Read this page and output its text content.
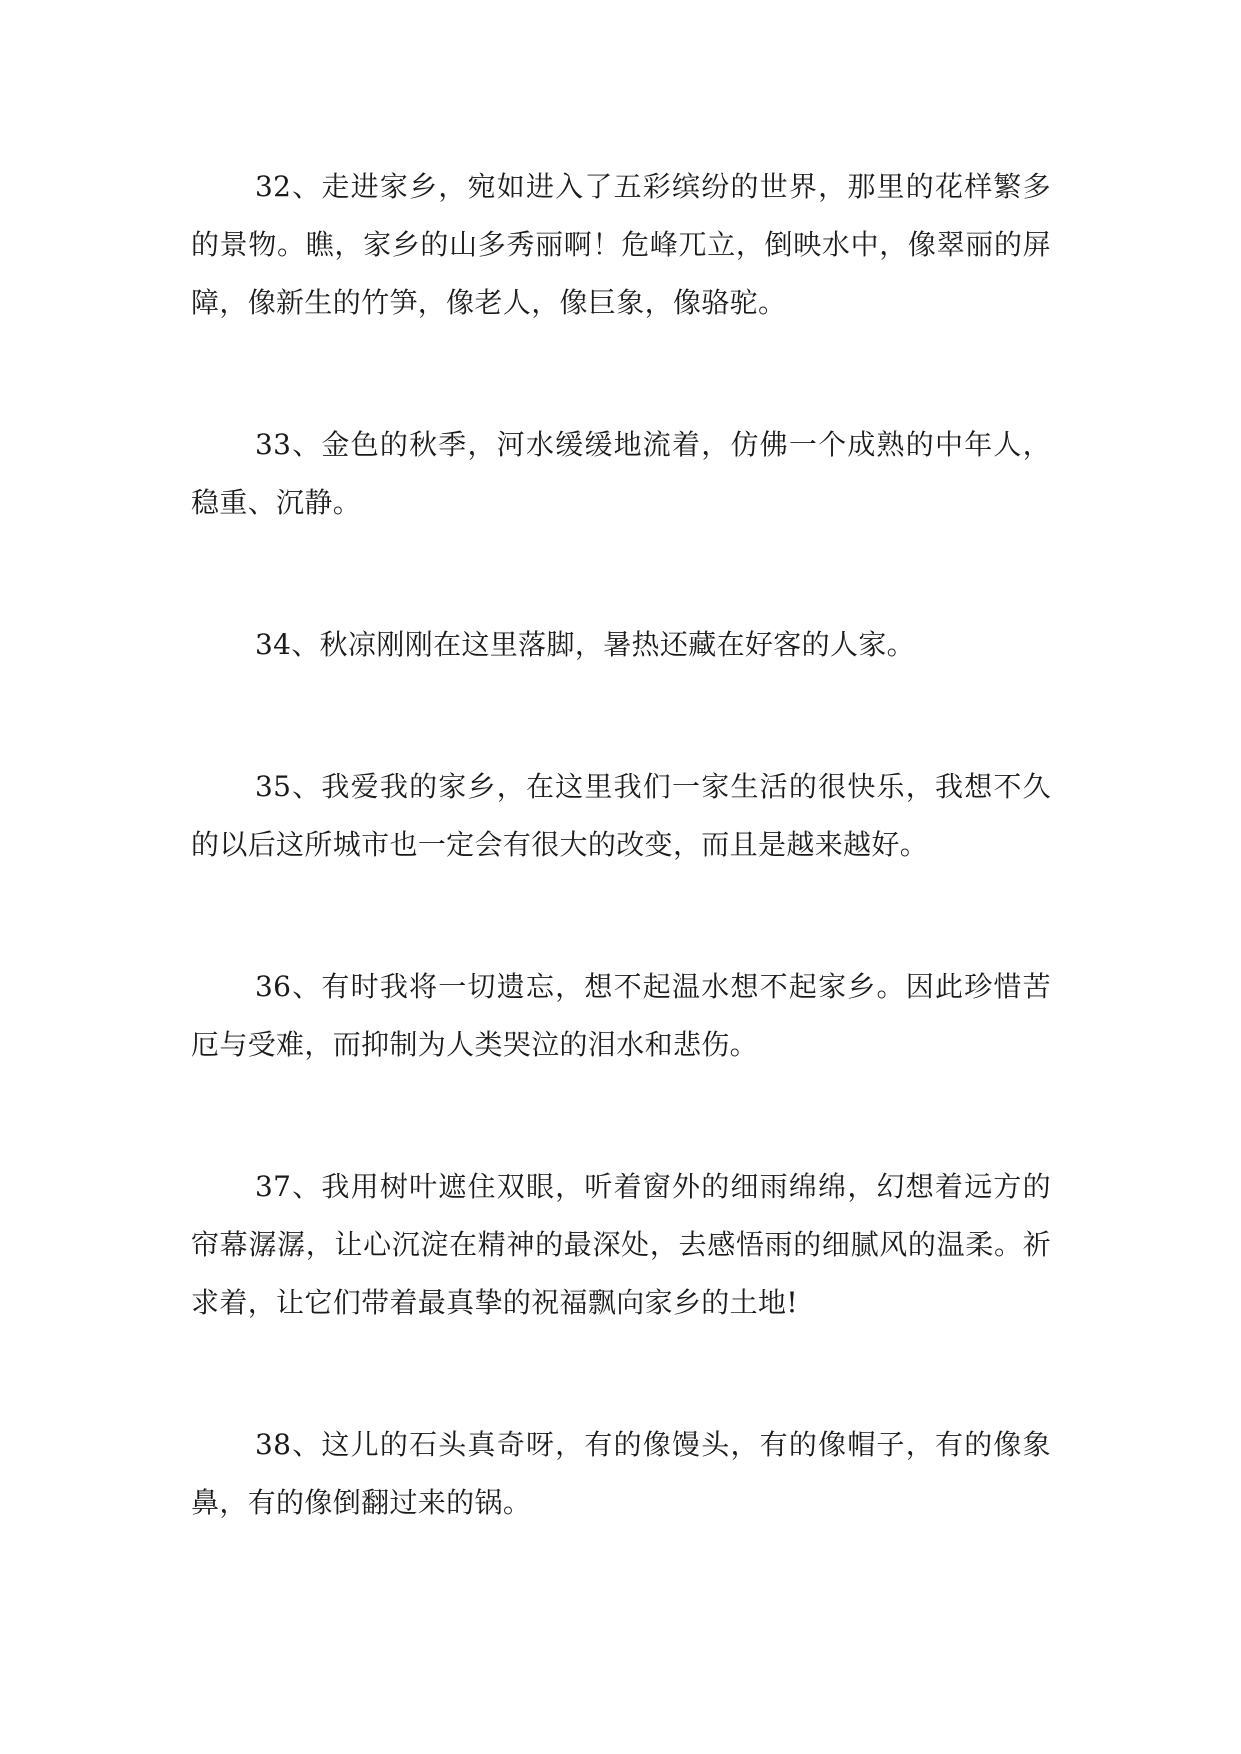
32、走进家乡，宛如进入了五彩缤纷的世界，那里的花样繁多的景物。瞧，家乡的山多秀丽啊！危峰兀立，倒映水中，像翠丽的屏障，像新生的竹笋，像老人，像巨象，像骆驼。

33、金色的秋季，河水缓缓地流着，仿佛一个成熟的中年人，稳重、沉静。

34、秋凉刚刚在这里落脚，暑热还藏在好客的人家。

35、我爱我的家乡，在这里我们一家生活的很快乐，我想不久的以后这所城市也一定会有很大的改变，而且是越来越好。

36、有时我将一切遗忘，想不起温水想不起家乡。因此珍惜苦厄与受难，而抑制为人类哭泣的泪水和悲伤。

37、我用树叶遮住双眼，听着窗外的细雨绵绵，幻想着远方的帘幕潺潺，让心沉淀在精神的最深处，去感悟雨的细腻风的温柔。祈求着，让它们带着最真挚的祝福飘向家乡的土地!

38、这儿的石头真奇呀，有的像馒头，有的像帽子，有的像象鼻，有的像倒翻过来的锅。
